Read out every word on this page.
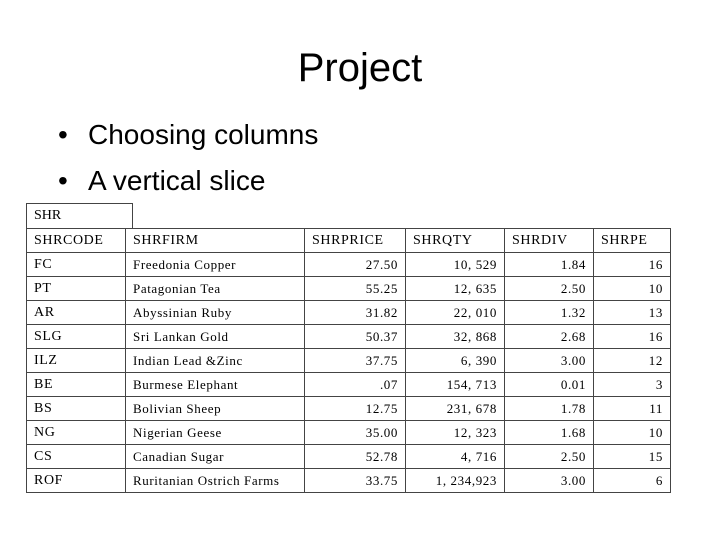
Project
• Choosing columns
• A vertical slice
SHR
SHRCODE	SHRFIRM	SHRPRICE	SHRQTY	SHRDIV	SHRPE
FC	Freedonia Copper	27.50	10, 529	1.84	16
PT	Patagonian Tea	55.25	12, 635	2.50	10
AR	Abyssinian Ruby	31.82	22, 010	1.32	13
SLG	Sri Lankan Gold	50.37	32, 868	2.68	16
ILZ	Indian Lead &Zinc	37.75	6, 390	3.00	12
BE	Burmese Elephant	.07	154, 713	0.01	3
BS	Bolivian Sheep	12.75	231, 678	1.78	11
NG	Nigerian Geese	35.00	12, 323	1.68	10
CS	Canadian Sugar	52.78	4, 716	2.50	15
ROF	Ruritanian Ostrich Farms	33.75	1, 234,923	3.00	6
